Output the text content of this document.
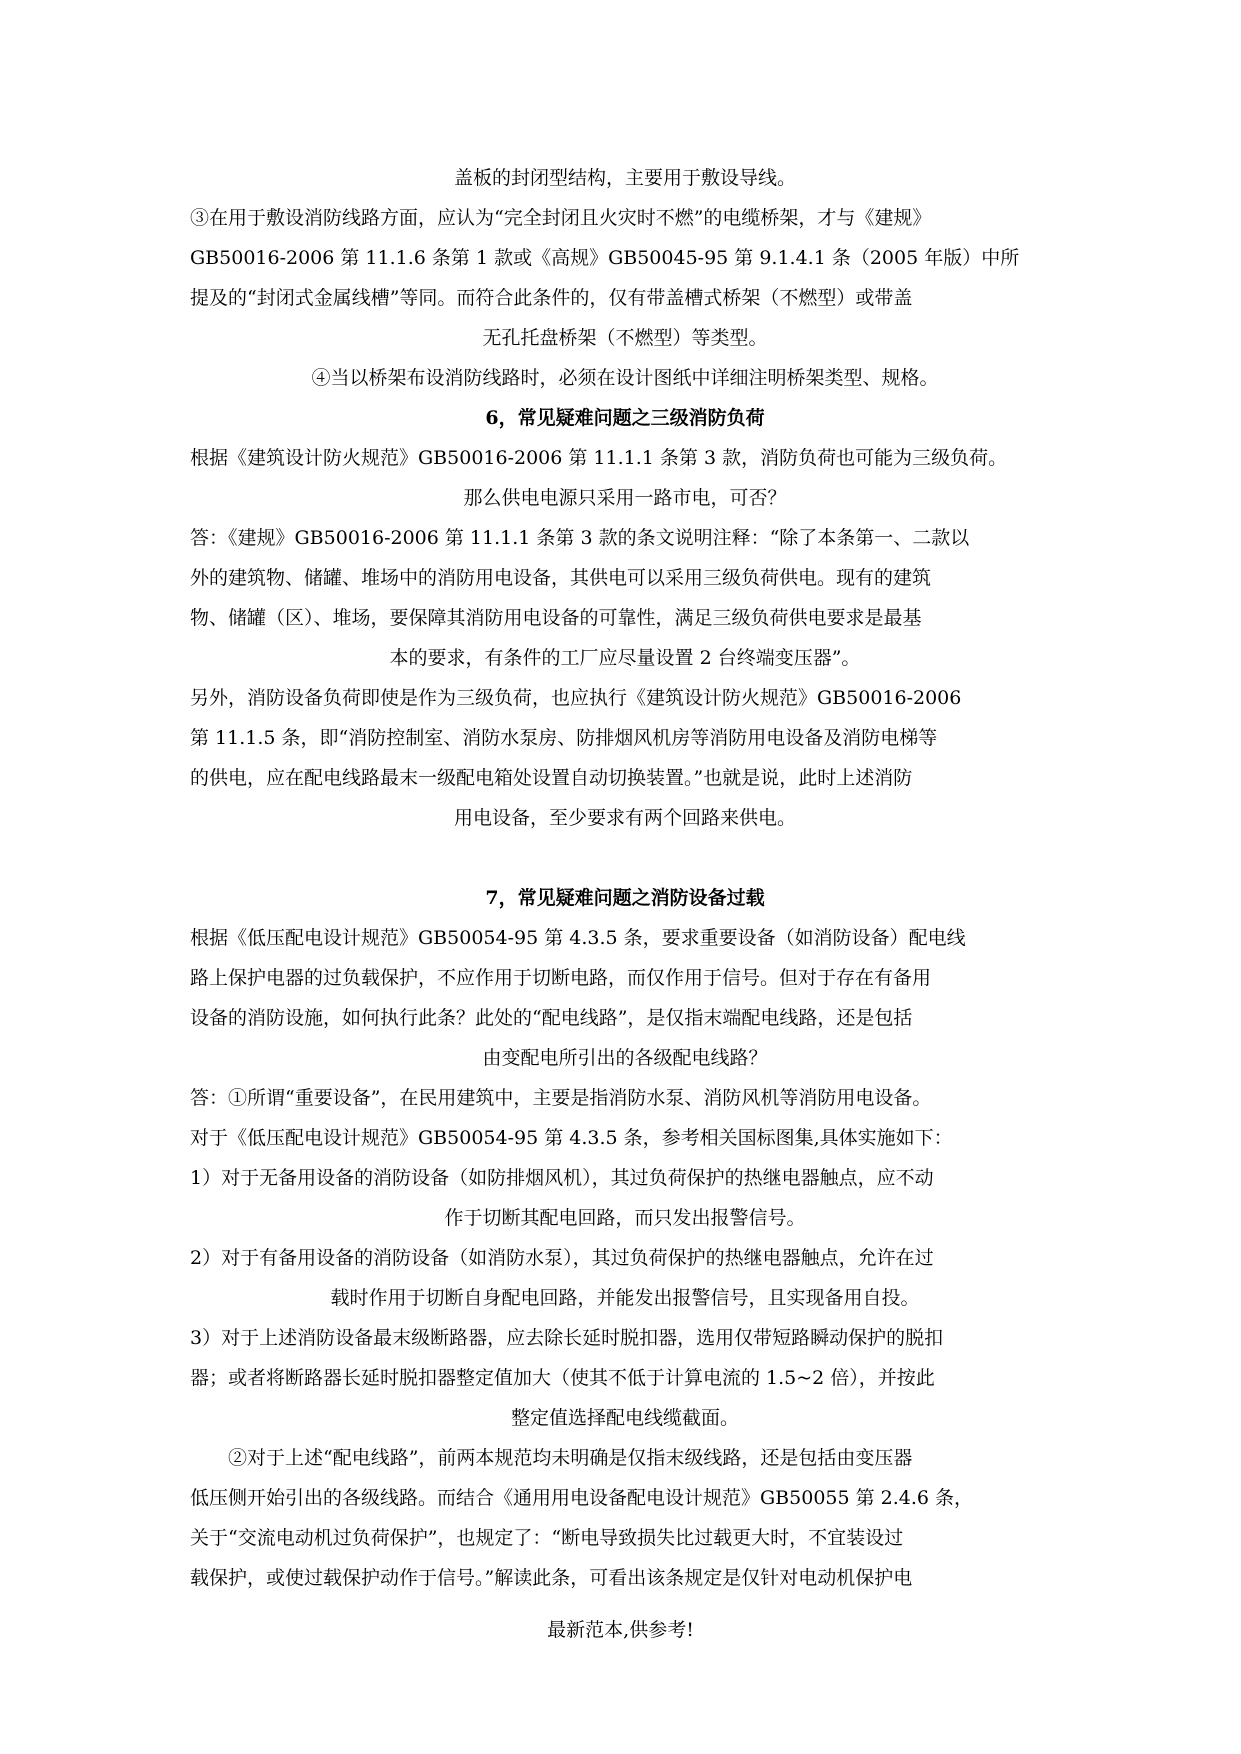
盖板的封闭型结构，主要用于敷设导线。
③在用于敷设消防线路方面，应认为“完全封闭且火灾时不燃”的电缆桥架，才与《建规》
GB50016-2006 第 11.1.6 条第 1 款或《高规》GB50045-95 第 9.1.4.1 条（2005 年版）中所
提及的“封闭式金属线槽”等同。而符合此条件的，仅有带盖槽式桥架（不燃型）或带盖
无孔托盘桥架（不燃型）等类型。
④当以桥架布设消防线路时，必须在设计图纸中详细注明桥架类型、规格。
6，常见疑难问题之三级消防负荷
根据《建筑设计防火规范》GB50016-2006 第 11.1.1 条第 3 款，消防负荷也可能为三级负荷。
那么供电电源只采用一路市电，可否？
答：《建规》GB50016-2006 第 11.1.1 条第 3 款的条文说明注释：“除了本条第一、二款以
外的建筑物、储罐、堆场中的消防用电设备，其供电可以采用三级负荷供电。现有的建筑
物、储罐（区）、堆场，要保障其消防用电设备的可靠性，满足三级负荷供电要求是最基
本的要求，有条件的工厂应尽量设置 2 台终端变压器”。
另外，消防设备负荷即使是作为三级负荷，也应执行《建筑设计防火规范》GB50016-2006
第 11.1.5 条，即“消防控制室、消防水泵房、防排烟风机房等消防用电设备及消防电梯等
的供电，应在配电线路最末一级配电箱处设置自动切换装置。”也就是说，此时上述消防
用电设备，至少要求有两个回路来供电。
7，常见疑难问题之消防设备过载
根据《低压配电设计规范》GB50054-95 第 4.3.5 条，要求重要设备（如消防设备）配电线
路上保护电器的过负载保护，不应作用于切断电路，而仅作用于信号。但对于存在有备用
设备的消防设施，如何执行此条？此处的“配电线路”，是仅指末端配电线路，还是包括
由变配电所引出的各级配电线路？
答：①所谓“重要设备”，在民用建筑中，主要是指消防水泵、消防风机等消防用电设备。
对于《低压配电设计规范》GB50054-95 第 4.3.5 条，参考相关国标图集,具体实施如下：
1）对于无备用设备的消防设备（如防排烟风机），其过负荷保护的热继电器触点，应不动
作于切断其配电回路，而只发出报警信号。
2）对于有备用设备的消防设备（如消防水泵），其过负荷保护的热继电器触点，允许在过
载时作用于切断自身配电回路，并能发出报警信号，且实现备用自投。
3）对于上述消防设备最末级断路器，应去除长延时脱扣器，选用仅带短路瞬动保护的脱扣
器；或者将断路器长延时脱扣器整定值加大（使其不低于计算电流的 1.5~2 倍），并按此
整定值选择配电线缆截面。
②对于上述“配电线路”，前两本规范均未明确是仅指末级线路，还是包括由变压器
低压侧开始引出的各级线路。而结合《通用用电设备配电设计规范》GB50055 第 2.4.6 条，
关于“交流电动机过负荷保护”，也规定了：“断电导致损失比过载更大时，不宜装设过
载保护，或使过载保护动作于信号。”解读此条，可看出该条规定是仅针对电动机保护电
最新范本,供参考!
